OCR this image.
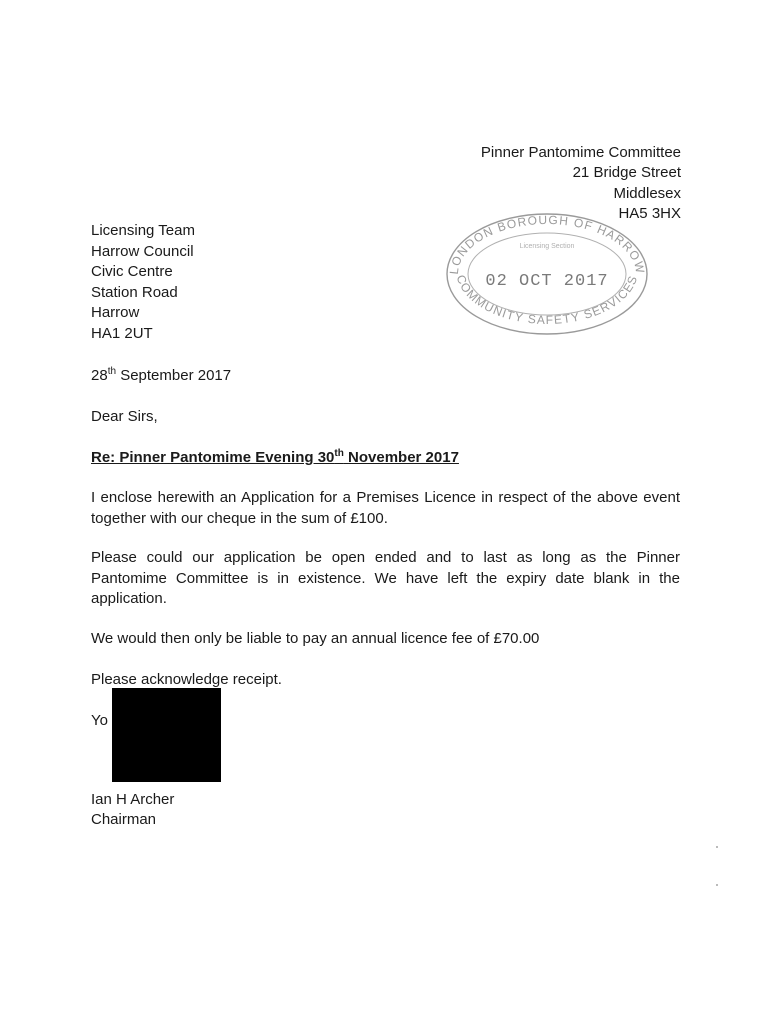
Pinner Pantomime Committee
21 Bridge Street
Middlesex
HA5 3HX
LONDON BOROUGH OF HARROW
COMMUNITY SAFETY SERVICES
Licensing Section
02 OCT 2017
Licensing Team
Harrow Council
Civic Centre
Station Road
Harrow
HA1 2UT
28th September 2017
Dear Sirs,
Re: Pinner Pantomime Evening 30th November 2017
I enclose herewith an Application for a Premises Licence in respect of the above event together with our cheque in the sum of £100.
Please could our application be open ended and to last as long as the Pinner Pantomime Committee is in existence. We have left the expiry date blank in the application.
We would then only be liable to pay an annual licence fee of £70.00
Please acknowledge receipt.
Yo
Ian H Archer
Chairman
